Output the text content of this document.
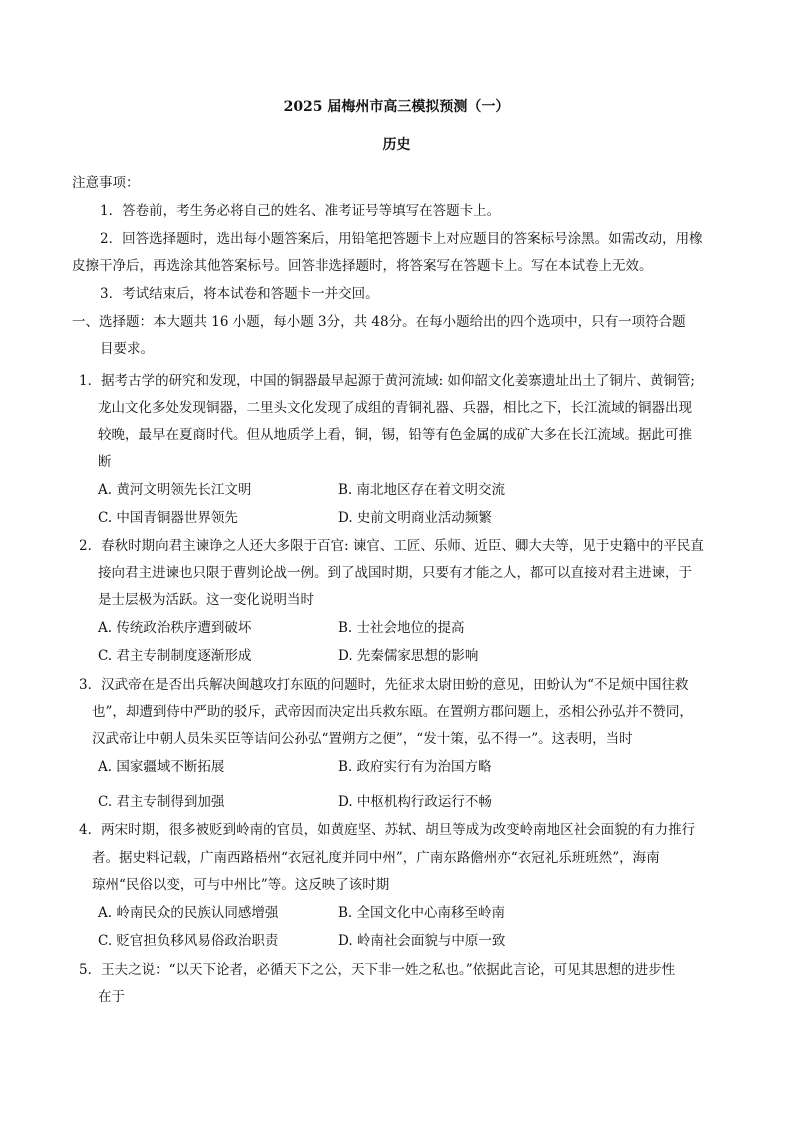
2025 届梅州市高三模拟预测（一）
历史
注意事项：
1．答卷前，考生务必将自己的姓名、准考证号等填写在答题卡上。
2．回答选择题时，选出每小题答案后，用铅笔把答题卡上对应题目的答案标号涂黑。如需改动，用橡
皮擦干净后，再选涂其他答案标号。回答非选择题时，将答案写在答题卡上。写在本试卷上无效。
3．考试结束后，将本试卷和答题卡一并交回。
一、选择题：本大题共 16 小题，每小题 3分，共 48分。在每小题给出的四个选项中，只有一项符合题
目要求。
1．据考古学的研究和发现，中国的铜器最早起源于黄河流域: 如仰韶文化姜寨遗址出土了铜片、黄铜管;
龙山文化多处发现铜器，二里头文化发现了成组的青铜礼器、兵器，相比之下，长江流域的铜器出现
较晚，最早在夏商时代。但从地质学上看，铜，锡，铅等有色金属的成矿大多在长江流域。据此可推
断
A. 黄河文明领先长江文明	B. 南北地区存在着文明交流
C. 中国青铜器世界领先	D. 史前文明商业活动频繁
2．春秋时期向君主谏诤之人还大多限于百官: 谏官、工匠、乐师、近臣、卿大夫等，见于史籍中的平民直
接向君主进谏也只限于曹刿论战一例。到了战国时期，只要有才能之人，都可以直接对君主进谏，于
是士层极为活跃。这一变化说明当时
A. 传统政治秩序遭到破坏	B. 士社会地位的提高
C. 君主专制制度逐渐形成	D. 先秦儒家思想的影响
3．汉武帝在是否出兵解决闽越攻打东瓯的问题时，先征求太尉田蚡的意见，田蚡认为“不足烦中国往救
也”，却遭到侍中严助的驳斥，武帝因而决定出兵救东瓯。在置朔方郡问题上，丞相公孙弘并不赞同，
汉武帝让中朝人员朱买臣等诘问公孙弘“置朔方之便”，“发十策，弘不得一”。这表明，当时
A. 国家疆域不断拓展	B. 政府实行有为治国方略
C. 君主专制得到加强	D. 中枢机构行政运行不畅
4．两宋时期，很多被贬到岭南的官员，如黄庭坚、苏轼、胡旦等成为改变岭南地区社会面貌的有力推行
者。据史料记载，广南西路梧州“衣冠礼度并同中州”，广南东路儋州亦“衣冠礼乐班班然”，海南
琼州“民俗以变，可与中州比”等。这反映了该时期
A. 岭南民众的民族认同感增强	B. 全国文化中心南移至岭南
C. 贬官担负移风易俗政治职责	D. 岭南社会面貌与中原一致
5．王夫之说：“以天下论者，必循天下之公，天下非一姓之私也。”依据此言论，可见其思想的进步性
在于
